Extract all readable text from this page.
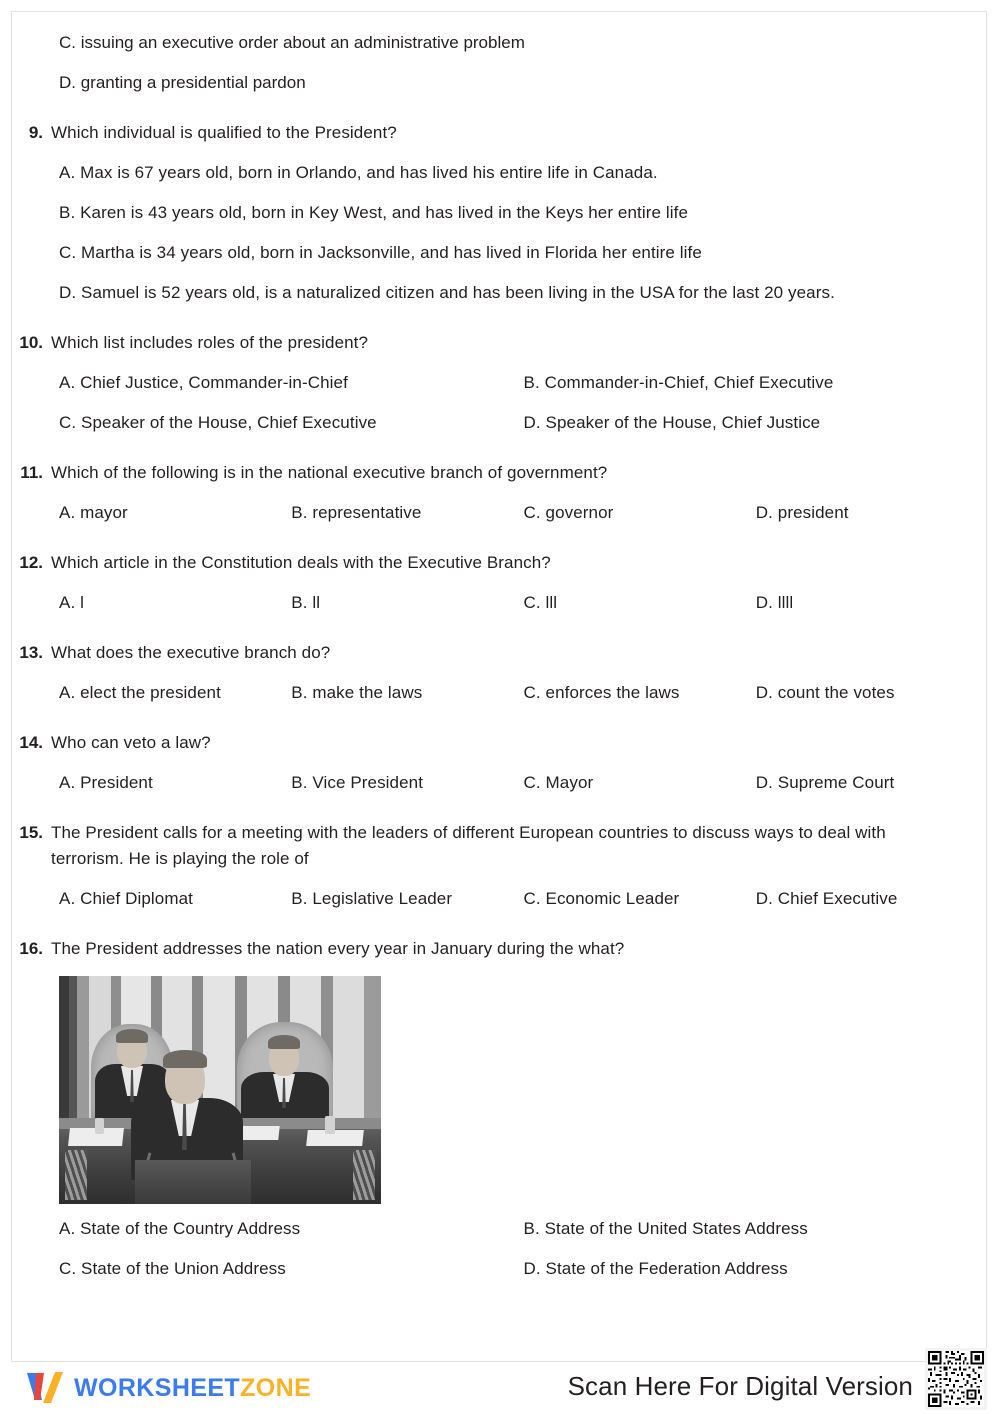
C. issuing an executive order about an administrative problem
D. granting a presidential pardon
9. Which individual is qualified to the President?
A. Max is 67 years old, born in Orlando, and has lived his entire life in Canada.
B. Karen is 43 years old, born in Key West, and has lived in the Keys her entire life
C. Martha is 34 years old, born in Jacksonville, and has lived in Florida her entire life
D. Samuel is 52 years old, is a naturalized citizen and has been living in the USA for the last 20 years.
10. Which list includes roles of the president?
A. Chief Justice, Commander-in-Chief	B. Commander-in-Chief, Chief Executive
C. Speaker of the House, Chief Executive	D. Speaker of the House, Chief Justice
11. Which of the following is in the national executive branch of government?
A. mayor	B. representative	C. governor	D. president
12. Which article in the Constitution deals with the Executive Branch?
A. l	B. ll	C. lll	D. llll
13. What does the executive branch do?
A. elect the president	B. make the laws	C. enforces the laws	D. count the votes
14. Who can veto a law?
A. President	B. Vice President	C. Mayor	D. Supreme Court
15. The President calls for a meeting with the leaders of different European countries to discuss ways to deal with terrorism. He is playing the role of
A. Chief Diplomat	B. Legislative Leader	C. Economic Leader	D. Chief Executive
16. The President addresses the nation every year in January during the what?
A. State of the Country Address	B. State of the United States Address
C. State of the Union Address	D. State of the Federation Address
WORKSHEETZONE	Scan Here For Digital Version
